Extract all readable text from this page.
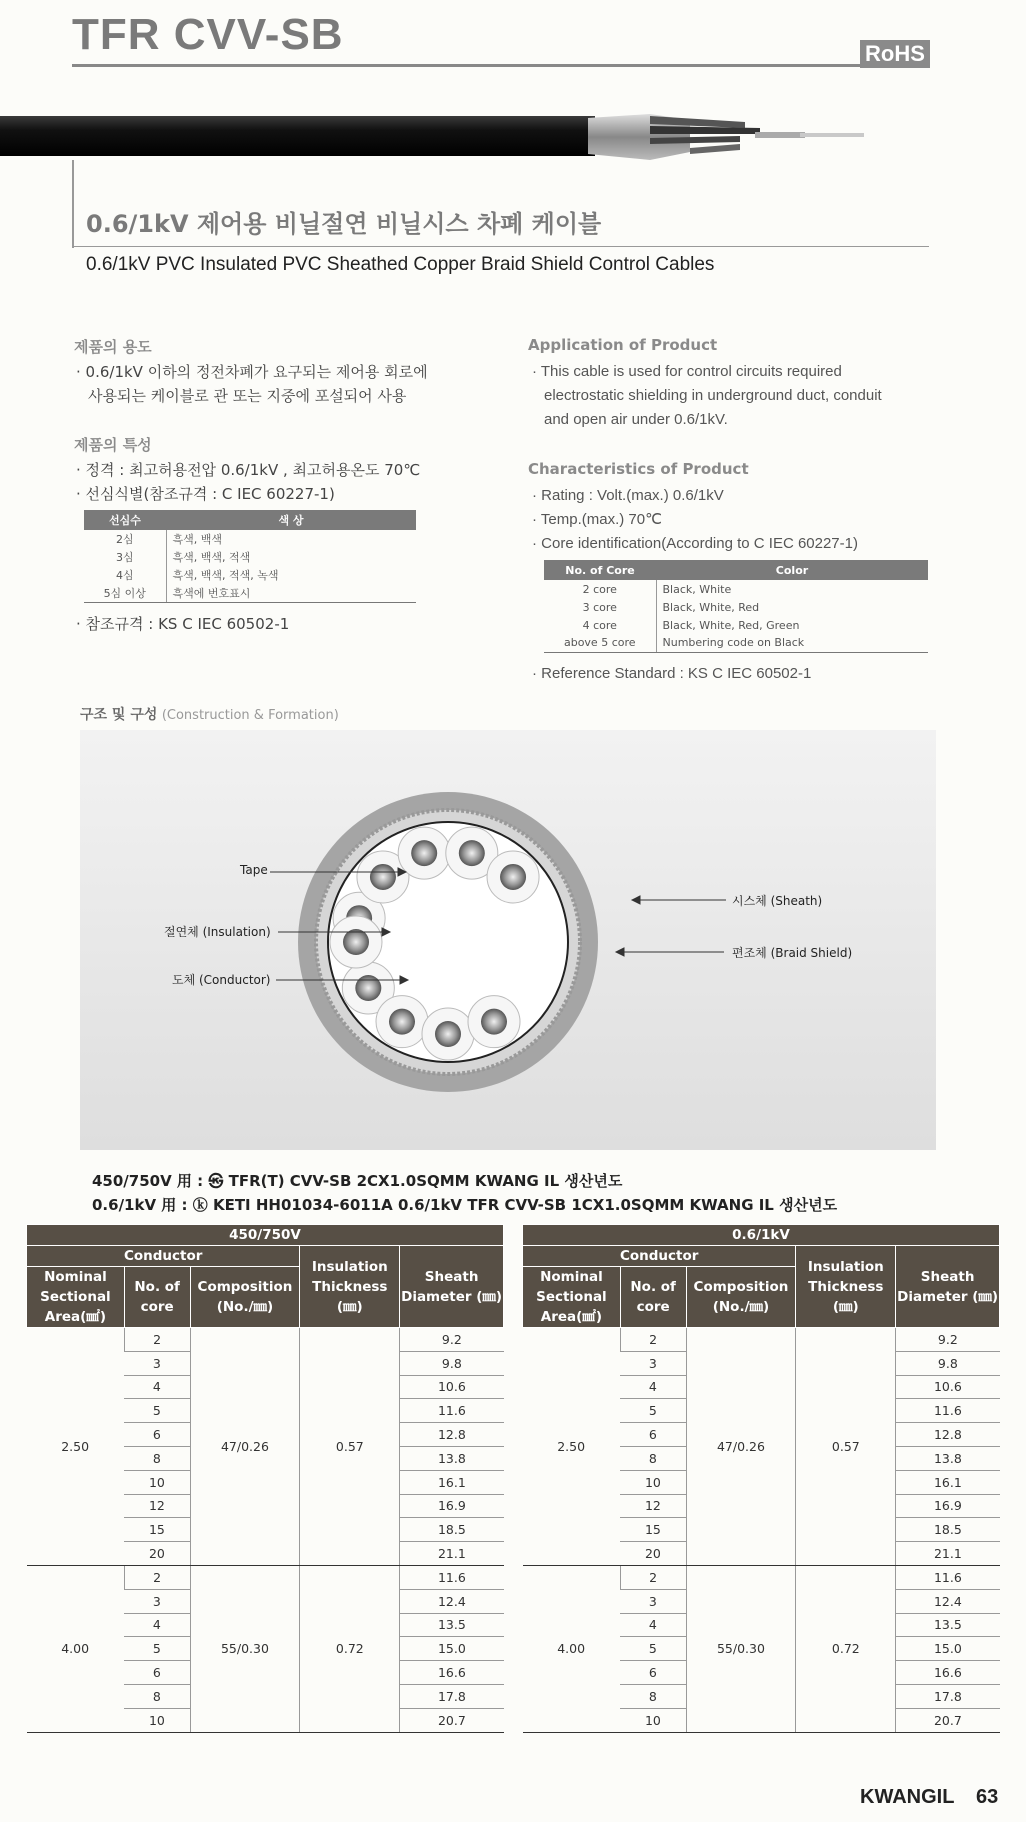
TFR CVV-SB	RoHS
0.6/1kV 제어용 비닐절연 비닐시스 차폐 케이블
0.6/1kV PVC Insulated PVC Sheathed Copper Braid Shield Control Cables
제품의 용도
· 0.6/1kV 이하의 정전차폐가 요구되는 제어용 회로에
사용되는 케이블로 관 또는 지중에 포설되어 사용
제품의 특성
· 정격 : 최고허용전압 0.6/1kV , 최고허용온도 70℃
· 선심식별(참조규격 : C IEC 60227-1)
선심수	색 상
2심	흑색, 백색
3심	흑색, 백색, 적색
4심	흑색, 백색, 적색, 녹색
5심 이상	흑색에 번호표시
· 참조규격 : KS C IEC 60502-1
Application of Product
· This cable is used for control circuits required
electrostatic shielding in underground duct, conduit
and open air under 0.6/1kV.
Characteristics of Product
· Rating : Volt.(max.) 0.6/1kV
· Temp.(max.) 70℃
· Core identification(According to C IEC 60227-1)
No. of Core	Color
2 core	Black, White
3 core	Black, White, Red
4 core	Black, White, Red, Green
above 5 core	Numbering code on Black
· Reference Standard : KS C IEC 60502-1
구조 및 구성 (Construction & Formation)
Tape
절연체 (Insulation)
도체 (Conductor)
시스체 (Sheath)
편조체 (Braid Shield)
450/750V 用 : ㉿ TFR(T) CVV-SB 2CX1.0SQMM KWANG IL 생산년도
0.6/1kV 用 : ⓚ KETI HH01034-6011A 0.6/1kV TFR CVV-SB 1CX1.0SQMM KWANG IL 생산년도
450/750V				
Conductor			Insulation Thickness (㎜)	Sheath Diameter (㎜)
Nominal Sectional Area(㎟)	No. of core	Composition (No./㎜)		
2.50	2	47/0.26	0.57	9.2
	3			9.8
	4			10.6
	5			11.6
	6			12.8
	8			13.8
	10			16.1
	12			16.9
	15			18.5
	20			21.1
4.00	2	55/0.30	0.72	11.6
	3			12.4
	4			13.5
	5			15.0
	6			16.6
	8			17.8
	10			20.7
0.6/1kV				
Conductor			Insulation Thickness (㎜)	Sheath Diameter (㎜)
Nominal Sectional Area(㎟)	No. of core	Composition (No./㎜)		
2.50	2	47/0.26	0.57	9.2
	3			9.8
	4			10.6
	5			11.6
	6			12.8
	8			13.8
	10			16.1
	12			16.9
	15			18.5
	20			21.1
4.00	2	55/0.30	0.72	11.6
	3			12.4
	4			13.5
	5			15.0
	6			16.6
	8			17.8
	10			20.7
KWANGIL 63
